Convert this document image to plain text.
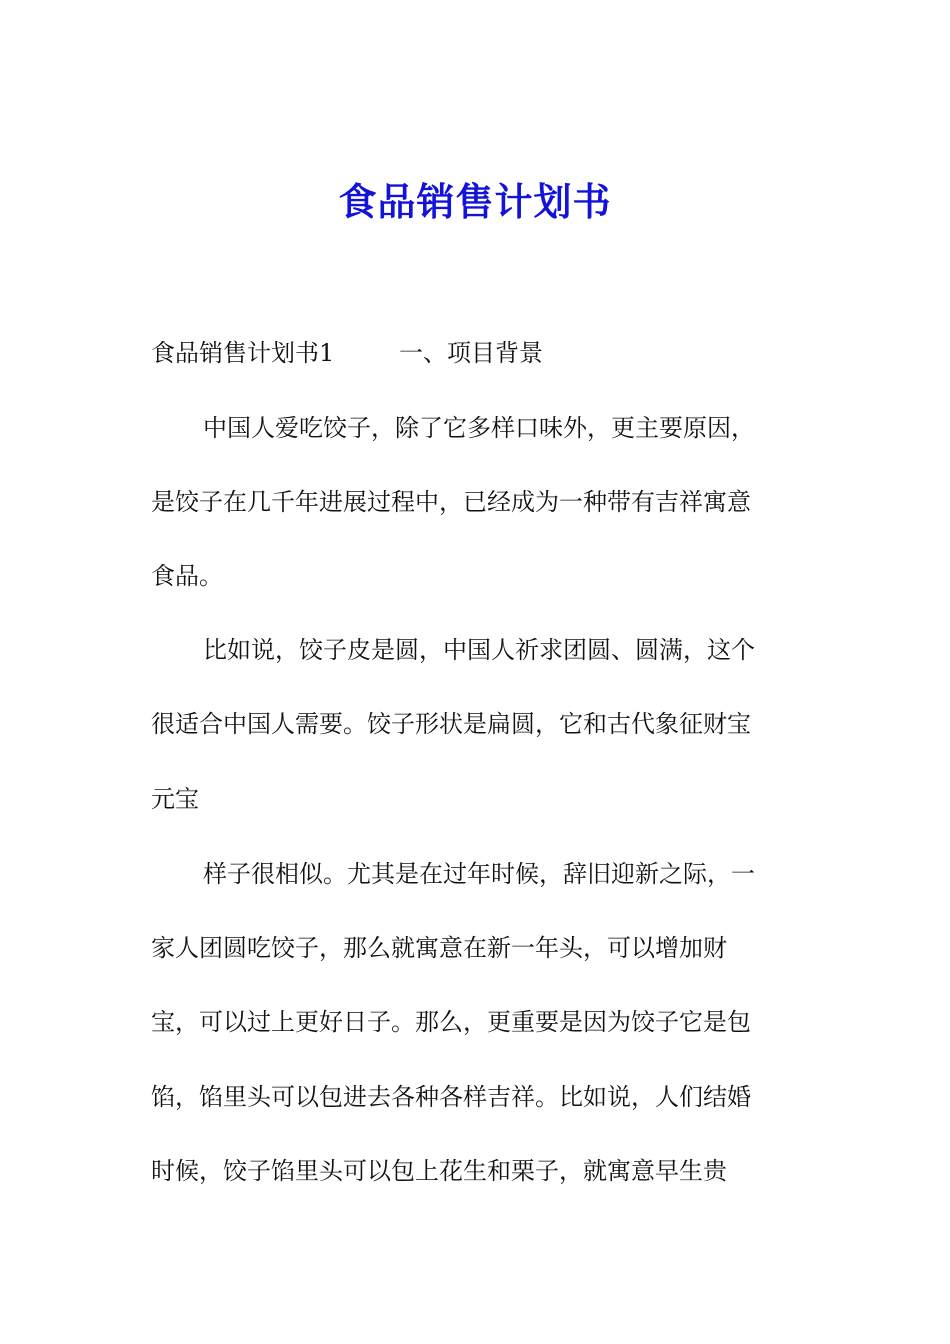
食品销售计划书
食品销售计划书1	一、项目背景
中国人爱吃饺子，除了它多样口味外，更主要原因，
是饺子在几千年进展过程中，已经成为一种带有吉祥寓意
食品。
比如说，饺子皮是圆，中国人祈求团圆、圆满，这个
很适合中国人需要。饺子形状是扁圆，它和古代象征财宝
元宝
样子很相似。尤其是在过年时候，辞旧迎新之际，一
家人团圆吃饺子，那么就寓意在新一年头，可以增加财
宝，可以过上更好日子。那么，更重要是因为饺子它是包
馅，馅里头可以包进去各种各样吉祥。比如说，人们结婚
时候，饺子馅里头可以包上花生和栗子，就寓意早生贵
